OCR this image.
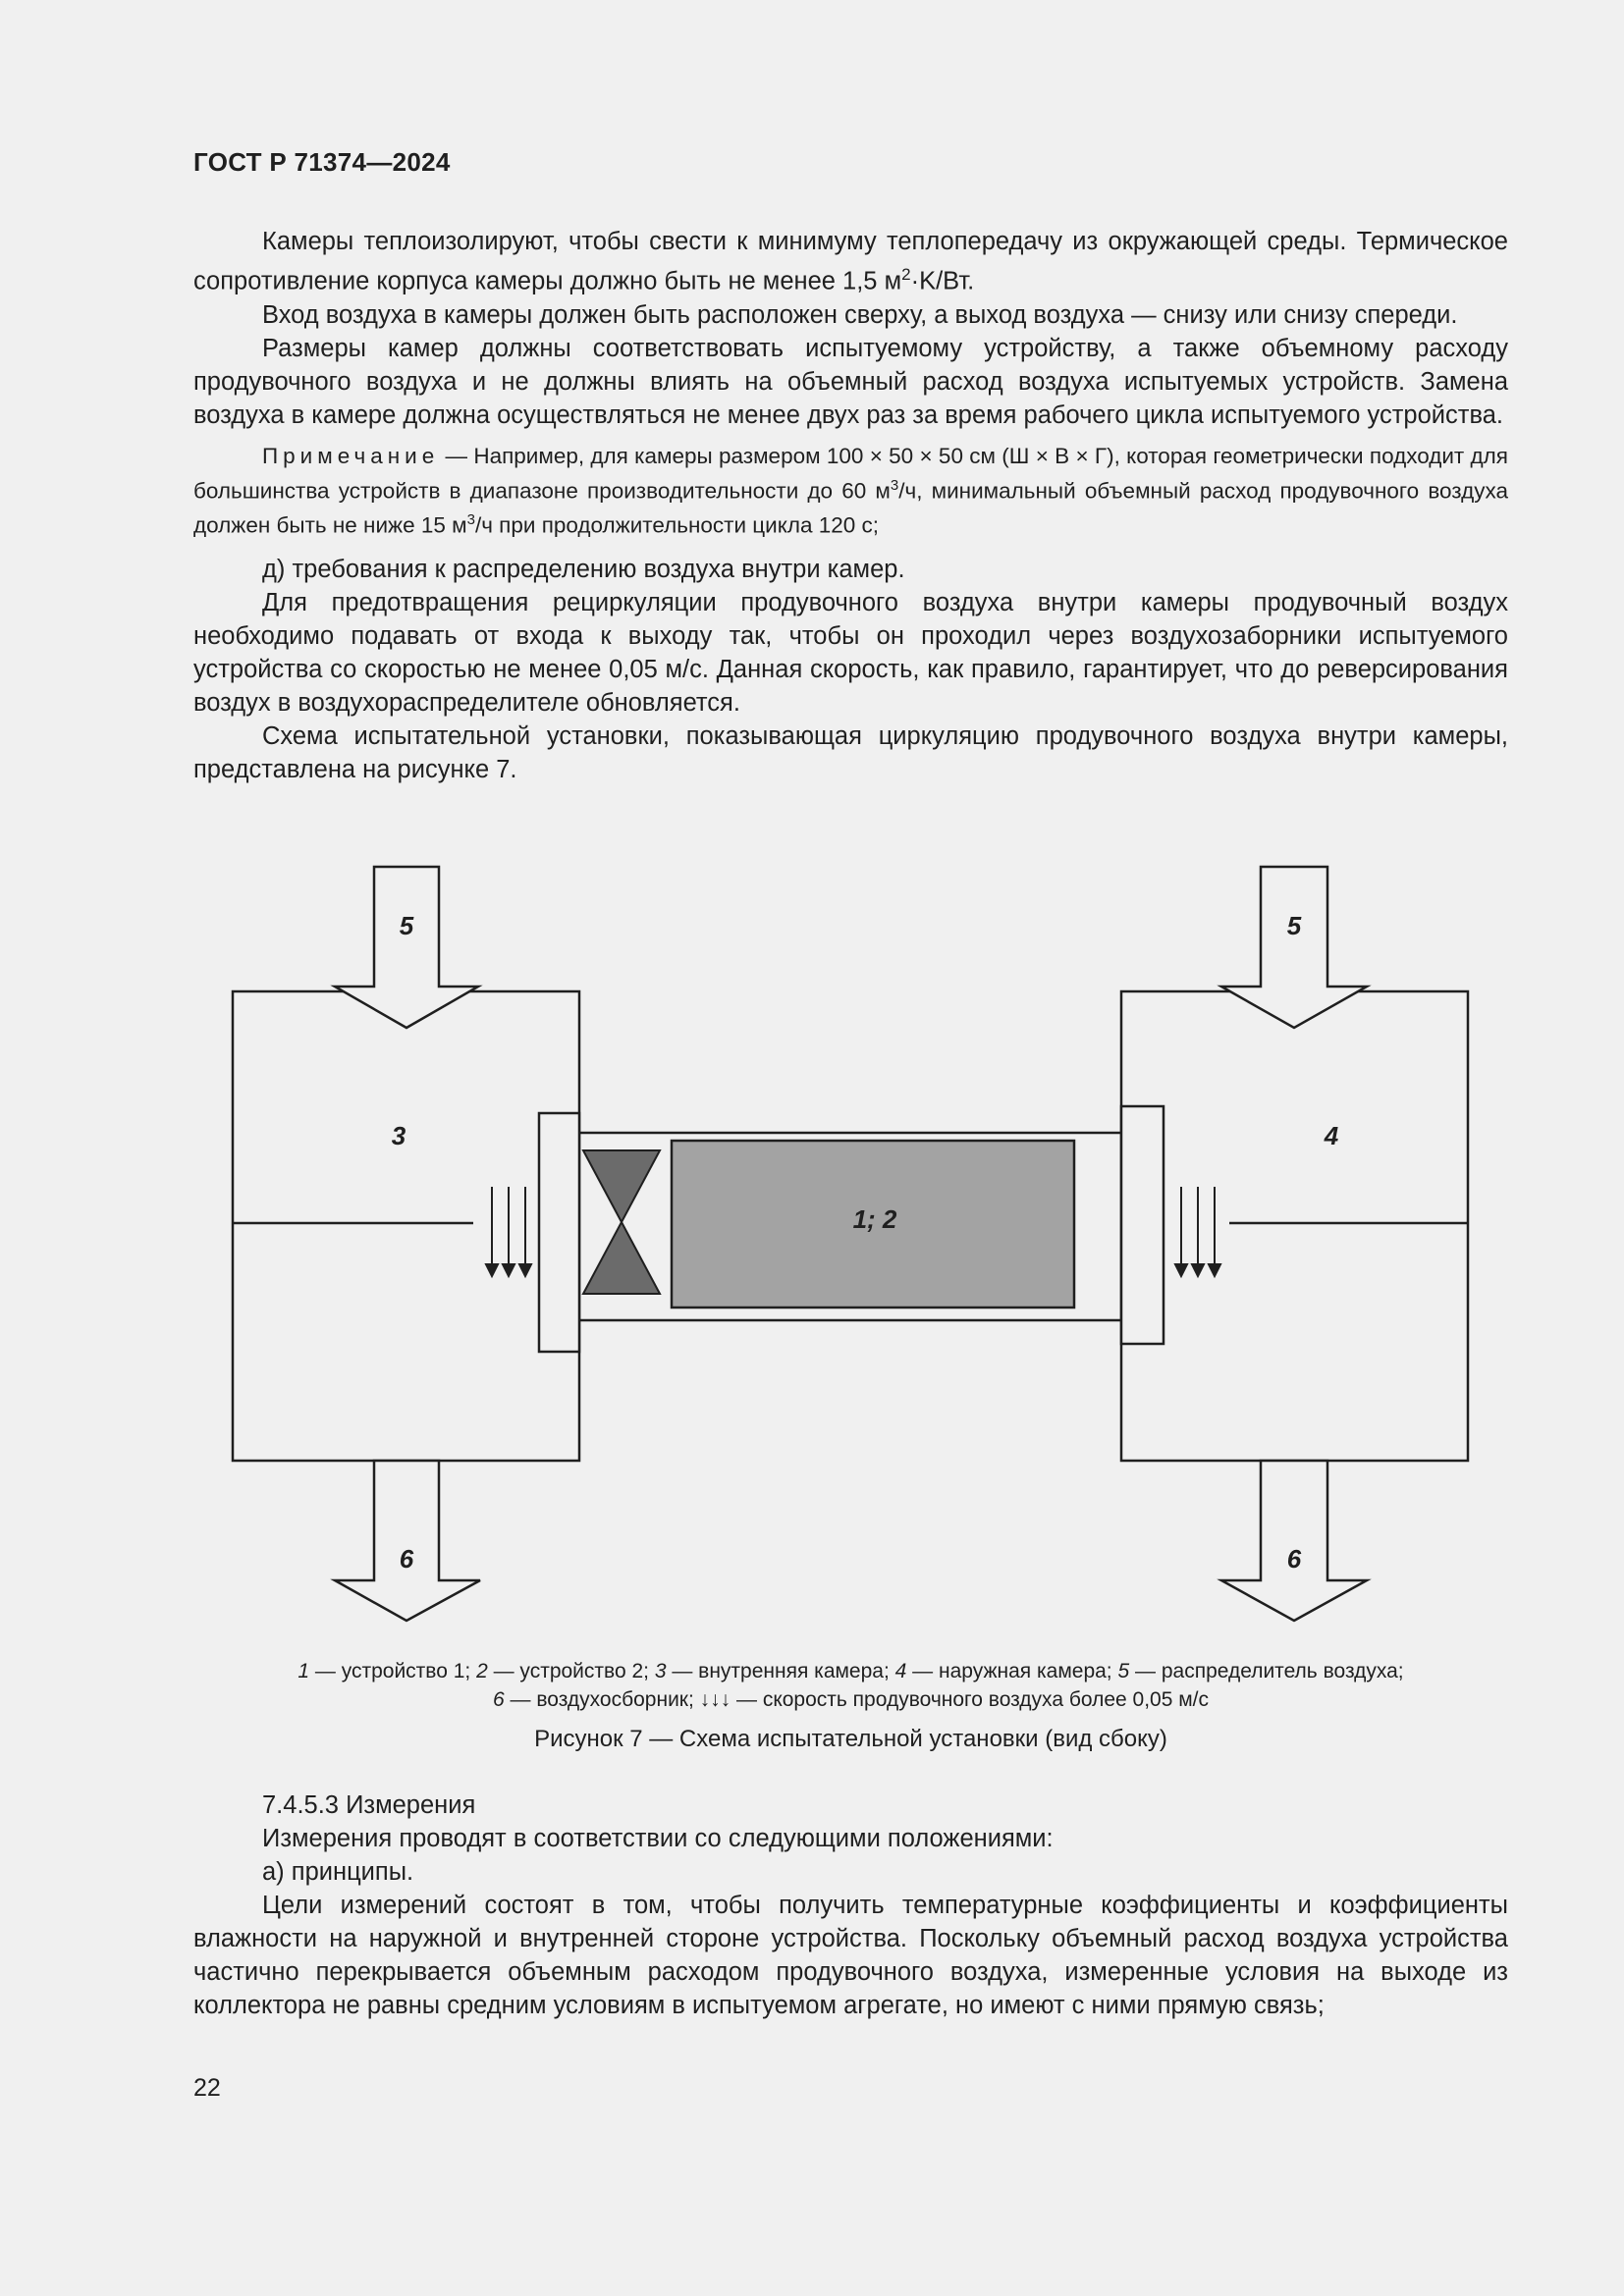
ГОСТ Р 71374—2024

Камеры теплоизолируют, чтобы свести к минимуму теплопередачу из окружающей среды. Термическое сопротивление корпуса камеры должно быть не менее 1,5 $м^2\cdot K/Вт$.

Вход воздуха в камеры должен быть расположен сверху, а выход воздуха — снизу или снизу спереди.

Размеры камер должны соответствовать испытуемому устройству, а также объемному расходу продувочного воздуха и не должны влиять на объемный расход воздуха испытуемых устройств. Замена воздуха в камере должна осуществляться не менее двух раз за время рабочего цикла испытуемого устройства.

Примечание — Например, для камеры размером 100 × 50 × 50 см (Ш × В × Г), которая геометрически подходит для большинства устройств в диапазоне производительности до 60 $м^3/ч$, минимальный объемный расход продувочного воздуха должен быть не ниже 15 $м^3/ч$ при продолжительности цикла 120 с;

д) требования к распределению воздуха внутри камер.

Для предотвращения рециркуляции продувочного воздуха внутри камеры продувочный воздух необходимо подавать от входа к выходу так, чтобы он проходил через воздухозаборники испытуемого устройства со скоростью не менее 0,05 м/с. Данная скорость, как правило, гарантирует, что до реверсирования воздух в воздухораспределителе обновляется.

Схема испытательной установки, показывающая циркуляцию продувочного воздуха внутри камеры, представлена на рисунке 7.

5	5
3	4
1; 2
6	6
1 — устройство 1; 2 — устройство 2; 3 — внутренняя камера; 4 — наружная камера; 5 — распределитель воздуха;
6 — воздухосборник; ↓↓↓ — скорость продувочного воздуха более 0,05 м/с
Рисунок 7 — Схема испытательной установки (вид сбоку)

7.4.5.3 Измерения

Измерения проводят в соответствии со следующими положениями:

а) принципы.

Цели измерений состоят в том, чтобы получить температурные коэффициенты и коэффициенты влажности на наружной и внутренней стороне устройства. Поскольку объемный расход воздуха устройства частично перекрывается объемным расходом продувочного воздуха, измеренные условия на выходе из коллектора не равны средним условиям в испытуемом агрегате, но имеют с ними прямую связь;

22
